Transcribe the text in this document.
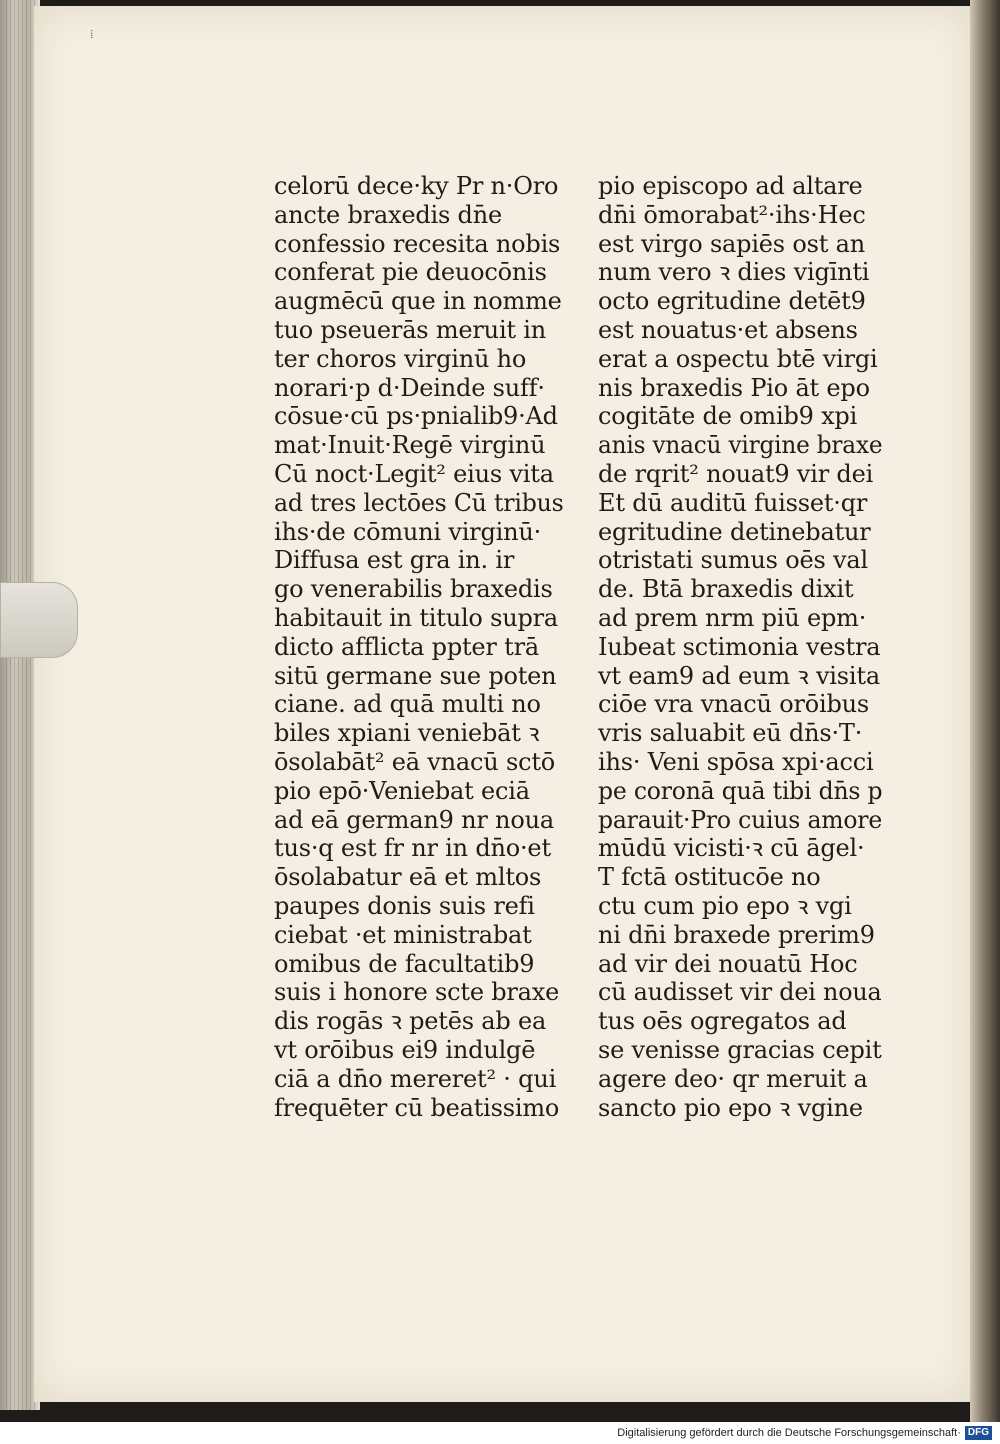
⁞
celorū dece·ky Pr n·Oro
ancte braxedis dn̄e
confessio recesita nobis
conferat pie deuocōnis
augmēcū que in nomme
tuo pseuerās meruit in
ter choros virginū ho
norari·p d·Deinde suff·
cōsue·cū ps·pnialib9·Ad
mat·Inuit·Regē virginū
Cū noct·Legit² eius vita
ad tres lectōes Cū tribus
ihs·de cōmuni virginū·
Diffusa est gra in. ir
go venerabilis braxedis
habitauit in titulo supra
dicto afflicta ppter trā
sitū germane sue poten
ciane. ad quā multi no
biles xpiani veniebāt ꝛ
ōsolabāt² eā vnacū sctō
pio epō·Veniebat eciā
ad eā german9 nr noua
tus·q est fr nr in dn̄o·et
ōsolabatur eā et mltos
paupes donis suis refi
ciebat ·et ministrabat
omibus de facultatib9
suis i honore scte braxe
dis rogās ꝛ petēs ab ea
vt orōibus ei9 indulgē
ciā a dn̄o mereret² · qui
frequēter cū beatissimo
pio episcopo ad altare
dn̄i ōmorabat²·ihs·Hec
est virgo sapiēs ost an
num vero ꝛ dies vigīnti
octo egritudine detēt9
est nouatus·et absens
erat a ospectu btē virgi
nis braxedis Pio āt epo
cogitāte de omib9 xpi
anis vnacū virgine braxe
de rqrit² nouat9 vir dei
Et dū auditū fuisset·qr
egritudine detinebatur
otristati sumus oēs val
de. Btā braxedis dixit
ad prem nrm piū epm·
Iubeat sctimonia vestra
vt eam9 ad eum ꝛ visita
ciōe vra vnacū orōibus
vris saluabit eū dn̄s·T·
ihs· Veni spōsa xpi·acci
pe coronā quā tibi dn̄s p
parauit·Pro cuius amore
mūdū vicisti·ꝛ cū āgel·
T fctā ostitucōe no
ctu cum pio epo ꝛ vgi
ni dn̄i braxede prerim9
ad vir dei nouatū Hoc
cū audisset vir dei noua
tus oēs ogregatos ad
se venisse gracias cepit
agere deo· qr meruit a
sancto pio epo ꝛ vgine
Digitalisierung gefördert durch die Deutsche Forschungsgemeinschaft· DFG
